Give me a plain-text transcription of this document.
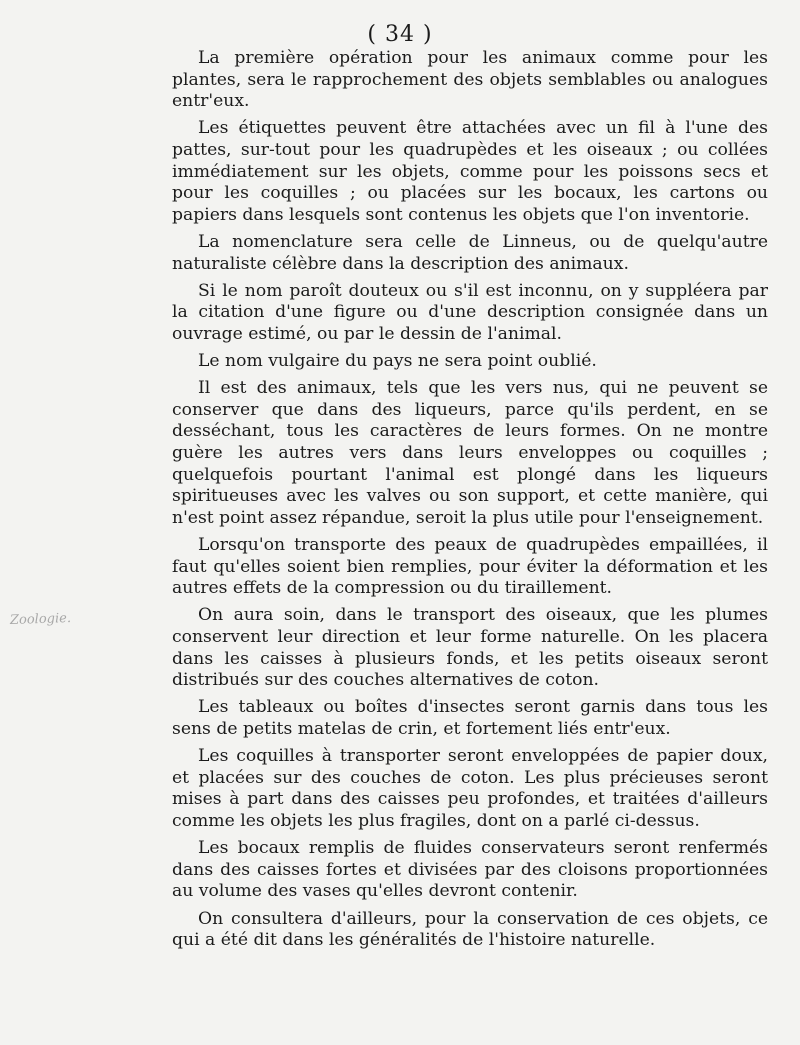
( 34 )
Zoologie.

La première opération pour les animaux comme pour les plantes, sera le rapprochement des objets semblables ou analogues entr'eux.

Les étiquettes peuvent être attachées avec un fil à l'une des pattes, sur-tout pour les quadrupèdes et les oiseaux ; ou collées immédiatement sur les objets, comme pour les poissons secs et pour les coquilles ; ou placées sur les bocaux, les cartons ou papiers dans lesquels sont contenus les objets que l'on inventorie.

La nomenclature sera celle de Linneus, ou de quelqu'autre naturaliste célèbre dans la description des animaux.

Si le nom paroît douteux ou s'il est inconnu, on y suppléera par la citation d'une figure ou d'une description consignée dans un ouvrage estimé, ou par le dessin de l'animal.

Le nom vulgaire du pays ne sera point oublié.

Il est des animaux, tels que les vers nus, qui ne peuvent se conserver que dans des liqueurs, parce qu'ils perdent, en se desséchant, tous les caractères de leurs formes. On ne montre guère les autres vers dans leurs enveloppes ou coquilles ; quelquefois pourtant l'animal est plongé dans les liqueurs spiritueuses avec les valves ou son support, et cette manière, qui n'est point assez répandue, seroit la plus utile pour l'enseignement.

Lorsqu'on transporte des peaux de quadrupèdes empaillées, il faut qu'elles soient bien remplies, pour éviter la déformation et les autres effets de la compression ou du tiraillement.

On aura soin, dans le transport des oiseaux, que les plumes conservent leur direction et leur forme naturelle. On les placera dans les caisses à plusieurs fonds, et les petits oiseaux seront distribués sur des couches alternatives de coton.

Les tableaux ou boîtes d'insectes seront garnis dans tous les sens de petits matelas de crin, et fortement liés entr'eux.

Les coquilles à transporter seront enveloppées de papier doux, et placées sur des couches de coton. Les plus précieuses seront mises à part dans des caisses peu profondes, et traitées d'ailleurs comme les objets les plus fragiles, dont on a parlé ci-dessus.

Les bocaux remplis de fluides conservateurs seront renfermés dans des caisses fortes et divisées par des cloisons proportionnées au volume des vases qu'elles devront contenir.

On consultera d'ailleurs, pour la conservation de ces objets, ce qui a été dit dans les généralités de l'histoire naturelle.
